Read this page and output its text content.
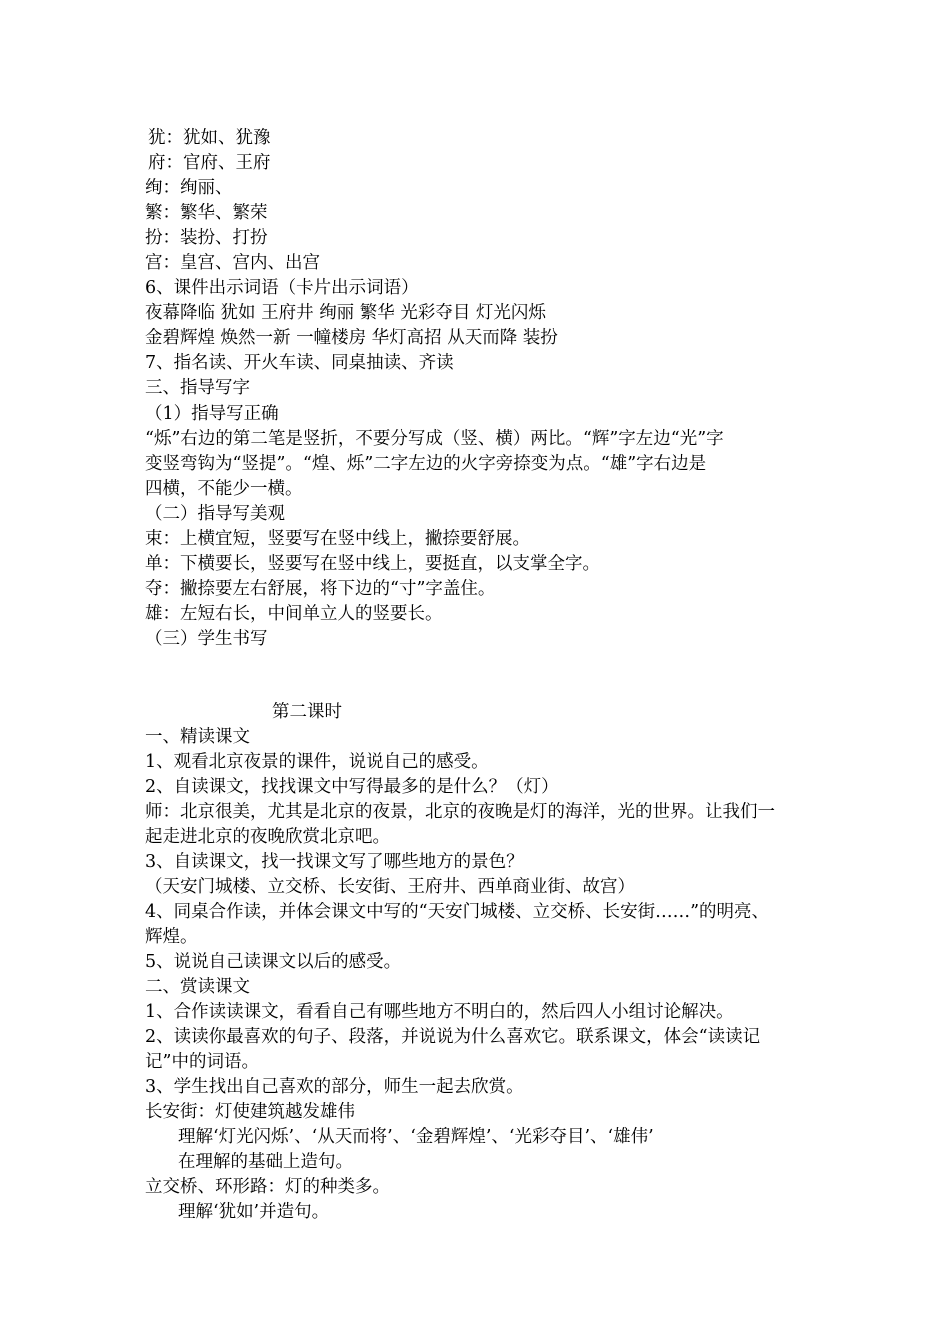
犹：犹如、犹豫
府：官府、王府
绚：绚丽、
繁：繁华、繁荣
扮：装扮、打扮
宫：皇宫、宫内、出宫
6、课件出示词语（卡片出示词语）
夜幕降临 犹如 王府井 绚丽 繁华 光彩夺目 灯光闪烁
金碧辉煌 焕然一新 一幢楼房 华灯高招 从天而降 装扮
7、指名读、开火车读、同桌抽读、齐读
三、指导写字
（1）指导写正确
“烁”右边的第二笔是竖折，不要分写成（竖、横）两比。“辉”字左边“光”字
变竖弯钩为“竖提”。“煌、烁”二字左边的火字旁捺变为点。“雄”字右边是
四横，不能少一横。
（二）指导写美观
束：上横宜短，竖要写在竖中线上，撇捺要舒展。
单：下横要长，竖要写在竖中线上，要挺直，以支掌全字。
夺：撇捺要左右舒展，将下边的“寸”字盖住。
雄：左短右长，中间单立人的竖要长。
（三）学生书写
第二课时
一、精读课文
1、观看北京夜景的课件，说说自己的感受。
2、自读课文，找找课文中写得最多的是什么？（灯）
师：北京很美，尤其是北京的夜景，北京的夜晚是灯的海洋，光的世界。让我们一
起走进北京的夜晚欣赏北京吧。
3、自读课文，找一找课文写了哪些地方的景色？
（天安门城楼、立交桥、长安街、王府井、西单商业街、故宫）
4、同桌合作读，并体会课文中写的“天安门城楼、立交桥、长安街……”的明亮、
辉煌。
5、说说自己读课文以后的感受。
二、赏读课文
1、合作读读课文，看看自己有哪些地方不明白的，然后四人小组讨论解决。
2、读读你最喜欢的句子、段落，并说说为什么喜欢它。联系课文，体会“读读记
记”中的词语。
3、学生找出自己喜欢的部分，师生一起去欣赏。
长安街：灯使建筑越发雄伟
理解‘灯光闪烁’、‘从天而将’、‘金碧辉煌’、‘光彩夺目’、‘雄伟’
在理解的基础上造句。
立交桥、环形路：灯的种类多。
理解‘犹如’并造句。
